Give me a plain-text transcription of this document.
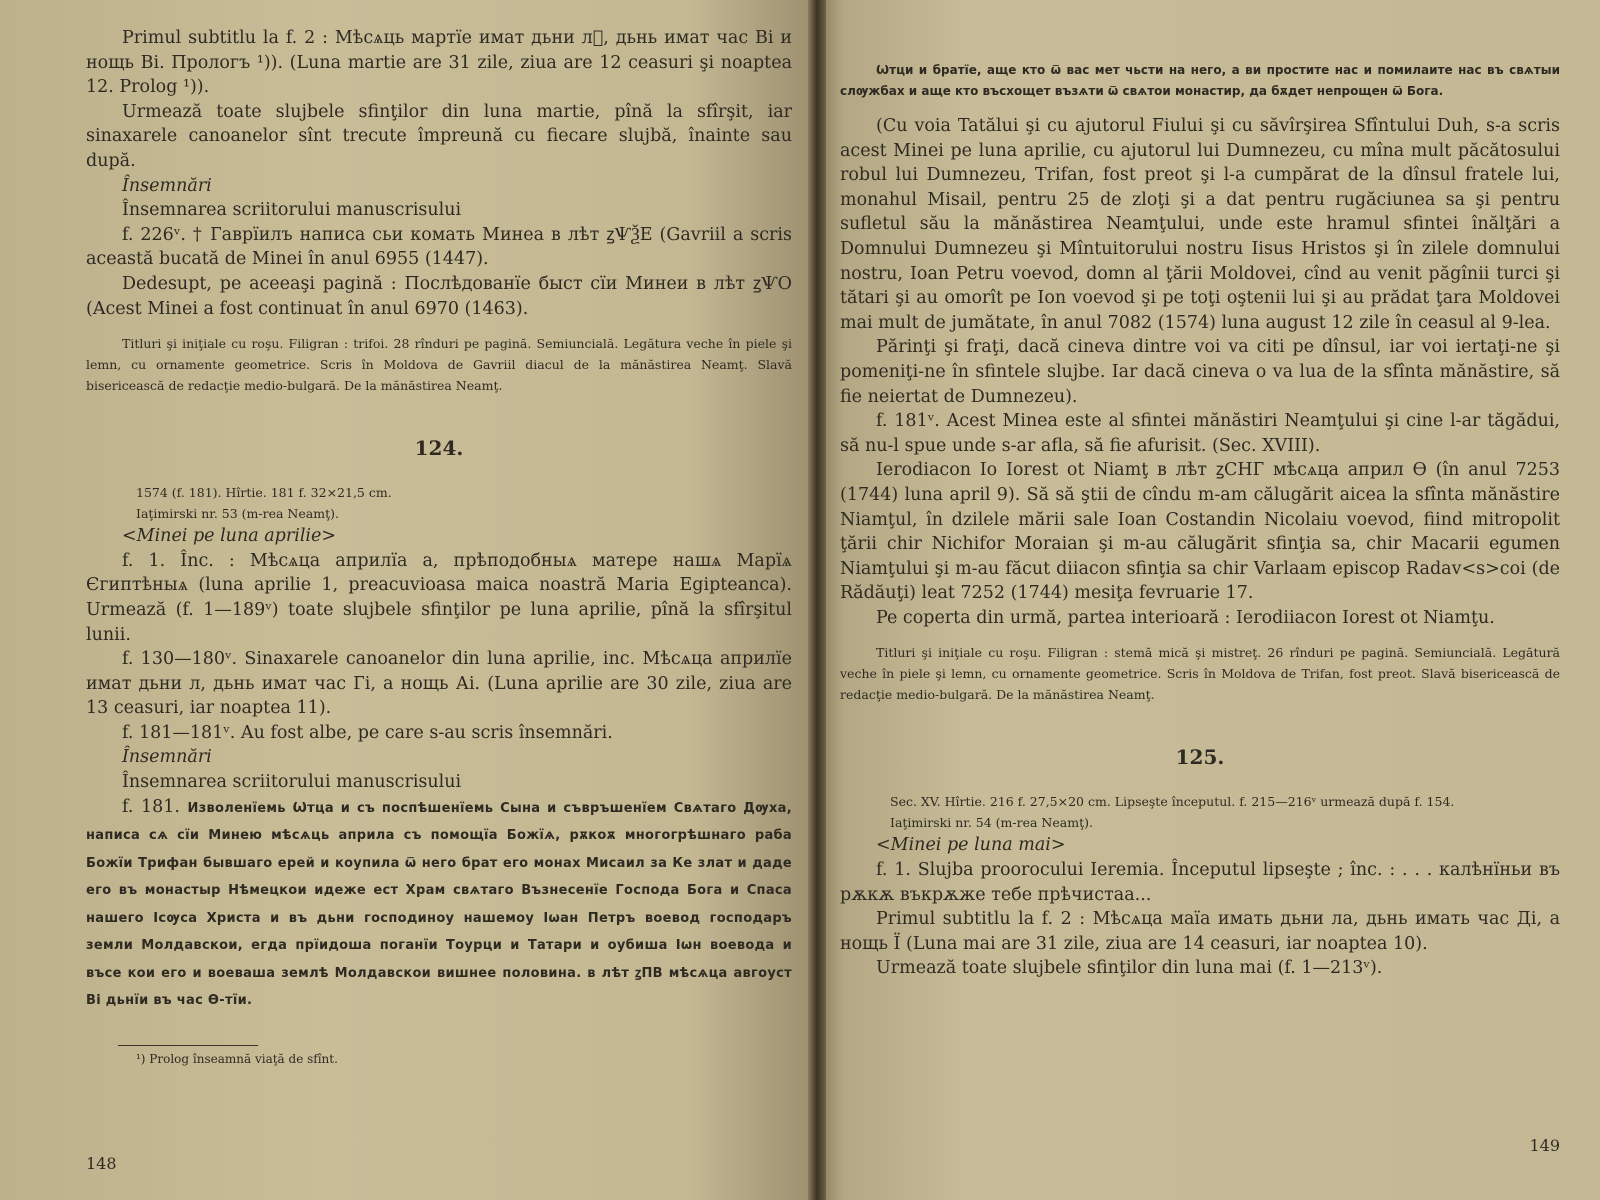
Primul subtitlu la f. 2 : Мѣсѧць мартїе имат дьни лⷶ, дьнь имат час Ві и нощь Ві. Прологъ ¹)). (Luna martie are 31 zile, ziua are 12 ceasuri şi noaptea 12. Prolog ¹)).

Urmează toate slujbele sfinţilor din luna martie, pînă la sfîrşit, iar sinaxarele canoanelor sînt trecute împreună cu fiecare slujbă, înainte sau după.

Însemnări

Însemnarea scriitorului manuscrisului

f. 226ᵛ. † Гаврїилъ написа сьи комать Минеа в лѣт ꙁѰѮЕ (Gavriil a scris această bucată de Minei în anul 6955 (1447).

Dedesupt, pe aceeaşi pagină : Послѣдованїе быст сїи Минеи в лѣт ꙁѰО (Acest Minei a fost continuat în anul 6970 (1463).

Titluri şi iniţiale cu roşu. Filigran : trifoi. 28 rînduri pe pagină. Semiuncială. Legătura veche în piele şi lemn, cu ornamente geometrice. Scris în Moldova de Gavriil diacul de la mănăstirea Neamţ. Slavă bisericească de redacţie medio-bulgară. De la mănăstirea Neamţ.

124.

1574 (f. 181). Hîrtie. 181 f. 32×21,5 cm.

Iaţimirski nr. 53 (m-rea Neamţ).

<Minei pe luna aprilie>

f. 1. Înc. : Мѣсѧца априлїа а, прѣподобныѧ матере нашѧ Марїѧ Єгиптѣныѧ (luna aprilie 1, preacuvioasa maica noastră Maria Egipteanca). Urmează (f. 1—189ᵛ) toate slujbele sfinţilor pe luna aprilie, pînă la sfîrşitul lunii.

f. 130—180ᵛ. Sinaxarele canoanelor din luna aprilie, inc. Мѣсѧца априлїе имат дьни л, дьнь имат час Гі, а нощь Аі. (Luna aprilie are 30 zile, ziua are 13 ceasuri, iar noaptea 11).

f. 181—181ᵛ. Au fost albe, pe care s-au scris însemnări.

Însemnări

Însemnarea scriitorului manuscrisului

f. 181. Изволенїемь Ѡтца и съ поспѣшенїемь Сына и съвръшенїем Свѧтаго Дѹха, написа сѧ сїи Минею мѣсѧць априла съ помощїа Божїѧ, рѫкоѫ многогрѣшнаго раба Божїи Трифан бывшаго ерей и коупила ѿ него брат его монах Мисаил за Ке злат и даде его въ монастыр Нѣмецкои идеже ест Храм свѧтаго Възнесенїе Господа Бога и Спаса нашего Ісѹса Христа и въ дьни господиноу нашемоу Іѡан Петръ воевод господаръ земли Молдавскои, егда прїидоша поганїи Тоурци и Татари и оубиша Іѡн воевода и въсе кои его и воеваша землѣ Молдавскои вишнее половина. в лѣт ꙁПВ мѣсѧца авгоуст Ві дьнїи въ час Ѳ-тїи.

¹) Prolog înseamnă viaţă de sfînt.

148

Ѡтци и братїе, аще кто ѿ вас мет чьсти на него, а ви простите нас и помилаите нас въ свѧтыи слѹжбах и аще кто въсхощет възѧти ѿ свѧтои монастир, да бѫдет непрощен ѿ Бога.

(Cu voia Tatălui şi cu ajutorul Fiului şi cu săvîrşirea Sfîntului Duh, s-a scris acest Minei pe luna aprilie, cu ajutorul lui Dumnezeu, cu mîna mult păcătosului robul lui Dumnezeu, Trifan, fost preot şi l-a cumpărat de la dînsul fratele lui, monahul Misail, pentru 25 de zloţi şi a dat pentru rugăciunea sa şi pentru sufletul său la mănăstirea Neamţului, unde este hramul sfintei înălţări a Domnului Dumnezeu şi Mîntuitorului nostru Iisus Hristos şi în zilele domnului nostru, Ioan Petru voevod, domn al ţării Moldovei, cînd au venit păgînii turci şi tătari şi au omorît pe Ion voevod şi pe toţi oştenii lui şi au prădat ţara Moldovei mai mult de jumătate, în anul 7082 (1574) luna august 12 zile în ceasul al 9-lea.

Părinţi şi fraţi, dacă cineva dintre voi va citi pe dînsul, iar voi iertaţi-ne şi pomeniţi-ne în sfintele slujbe. Iar dacă cineva o va lua de la sfînta mănăstire, să fie neiertat de Dumnezeu).

f. 181ᵛ. Acest Minea este al sfintei mănăstiri Neamţului şi cine l-ar tăgădui, să nu-l spue unde s-ar afla, să fie afurisit. (Sec. XVIII).

Ierodiacon Io Iorest ot Niamţ в лѣт ꙁСНГ мѣсѧца април Ѳ (în anul 7253 (1744) luna april 9). Să să ştii de cîndu m-am călugărit aicea la sfînta mănăstire Niamţul, în dzilele mării sale Ioan Costandin Nicolaiu voevod, fiind mitropolit ţării chir Nichifor Moraian şi m-au călugărit sfinţia sa, chir Macarii egumen Niamţului şi m-au făcut diiacon sfinţia sa chir Varlaam episcop Radav<s>coi (de Rădăuţi) leat 7252 (1744) mesiţa fevruarie 17.

Pe coperta din urmă, partea interioară : Ierodiiacon Iorest ot Niamţu.

Titluri şi iniţiale cu roşu. Filigran : stemă mică şi mistreţ. 26 rînduri pe pagină. Semiuncială. Legătură veche în piele şi lemn, cu ornamente geometrice. Scris în Moldova de Trifan, fost preot. Slavă bisericească de redacţie medio-bulgară. De la mănăstirea Neamţ.

125.

Sec. XV. Hîrtie. 216 f. 27,5×20 cm. Lipseşte începutul. f. 215—216ᵛ urmează după f. 154.

Iaţimirski nr. 54 (m-rea Neamţ).

<Minei pe luna mai>

f. 1. Slujba proorocului Ieremia. Începutul lipseşte ; înc. : . . . калѣнїньи въ рѫкѫ въкрѫже тебе прѣчистаа...

Primul subtitlu la f. 2 : Мѣсѧца маїа имать дьни ла, дьнь имать час Ді, а нощь Ї (Luna mai are 31 zile, ziua are 14 ceasuri, iar noaptea 10).

Urmează toate slujbele sfinţilor din luna mai (f. 1—213ᵛ).

149
